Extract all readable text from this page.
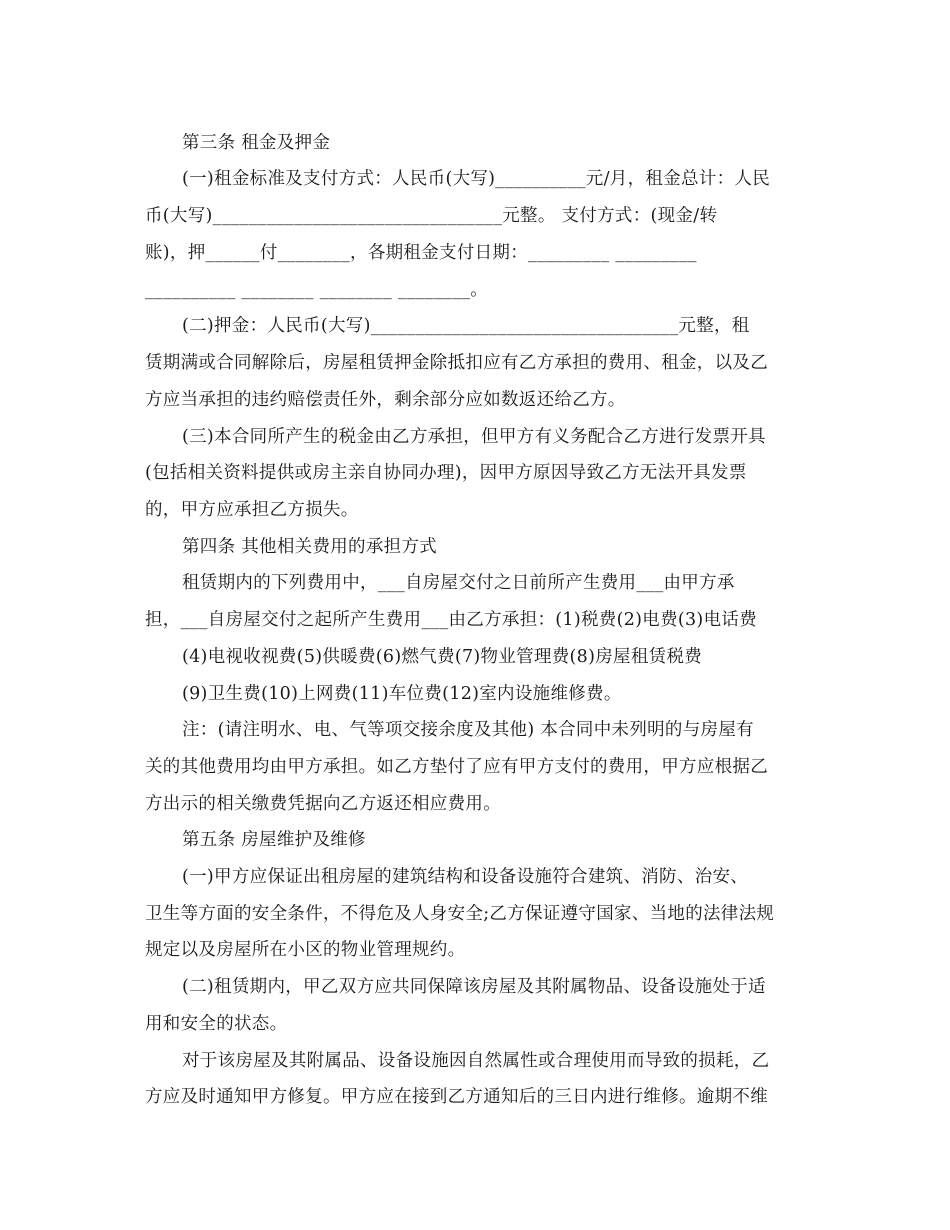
第三条 租金及押金
(一)租金标准及支付方式：人民币(大写)__________元/月，租金总计：人民
币(大写)________________________________元整。 支付方式：(现金/转
账)，押______付________，各期租金支付日期：_________ _________
__________ ________ ________ ________。
(二)押金：人民币(大写)__________________________________元整，租
赁期满或合同解除后，房屋租赁押金除抵扣应有乙方承担的费用、租金，以及乙
方应当承担的违约赔偿责任外，剩余部分应如数返还给乙方。
(三)本合同所产生的税金由乙方承担，但甲方有义务配合乙方进行发票开具
(包括相关资料提供或房主亲自协同办理)，因甲方原因导致乙方无法开具发票
的，甲方应承担乙方损失。
第四条 其他相关费用的承担方式
租赁期内的下列费用中，___自房屋交付之日前所产生费用___由甲方承
担，___自房屋交付之起所产生费用___由乙方承担：(1)税费(2)电费(3)电话费
(4)电视收视费(5)供暖费(6)燃气费(7)物业管理费(8)房屋租赁税费
(9)卫生费(10)上网费(11)车位费(12)室内设施维修费。
注：(请注明水、电、气等项交接余度及其他) 本合同中未列明的与房屋有
关的其他费用均由甲方承担。如乙方垫付了应有甲方支付的费用，甲方应根据乙
方出示的相关缴费凭据向乙方返还相应费用。
第五条 房屋维护及维修
(一)甲方应保证出租房屋的建筑结构和设备设施符合建筑、消防、治安、
卫生等方面的安全条件，不得危及人身安全;乙方保证遵守国家、当地的法律法规
规定以及房屋所在小区的物业管理规约。
(二)租赁期内，甲乙双方应共同保障该房屋及其附属物品、设备设施处于适
用和安全的状态。
对于该房屋及其附属品、设备设施因自然属性或合理使用而导致的损耗，乙
方应及时通知甲方修复。甲方应在接到乙方通知后的三日内进行维修。逾期不维
